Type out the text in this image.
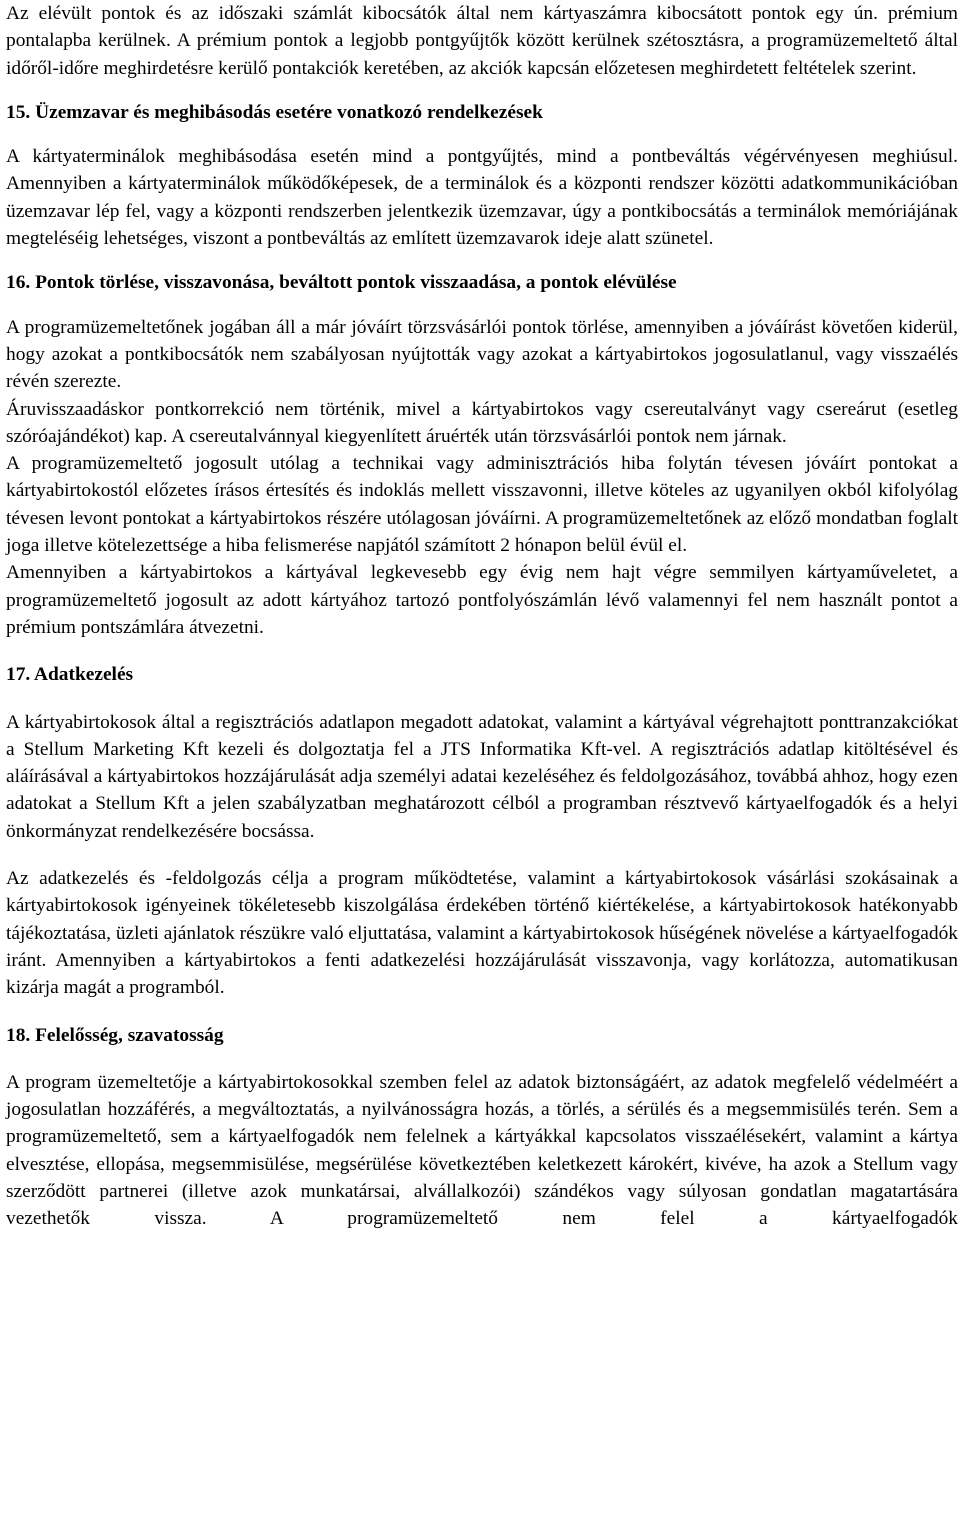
Az elévült pontok és az időszaki számlát kibocsátók által nem kártyaszámra kibocsátott pontok egy ún. prémium pontalapba kerülnek. A prémium pontok a legjobb pontgyűjtők között kerülnek szétosztásra, a programüzemeltető által időről-időre meghirdetésre kerülő pontakciók keretében, az akciók kapcsán előzetesen meghirdetett feltételek szerint.

15. Üzemzavar és meghibásodás esetére vonatkozó rendelkezések

A kártyaterminálok meghibásodása esetén mind a pontgyűjtés, mind a pontbeváltás végérvényesen meghiúsul. Amennyiben a kártyaterminálok működőképesek, de a terminálok és a központi rendszer közötti adatkommunikációban üzemzavar lép fel, vagy a központi rendszerben jelentkezik üzemzavar, úgy a pontkibocsátás a terminálok memóriájának megteléséig lehetséges, viszont a pontbeváltás az említett üzemzavarok ideje alatt szünetel.

16. Pontok törlése, visszavonása, beváltott pontok visszaadása, a pontok elévülése

A programüzemeltetőnek jogában áll a már jóváírt törzsvásárlói pontok törlése, amennyiben a jóváírást követően kiderül, hogy azokat a pontkibocsátók nem szabályosan nyújtották vagy azokat a kártyabirtokos jogosulatlanul, vagy visszaélés révén szerezte.

Áruvisszaadáskor pontkorrekció nem történik, mivel a kártyabirtokos vagy csereutalványt vagy csereárut (esetleg szóróajándékot) kap. A csereutalvánnyal kiegyenlített áruérték után törzsvásárlói pontok nem járnak.

A programüzemeltető jogosult utólag a technikai vagy adminisztrációs hiba folytán tévesen jóváírt pontokat a kártyabirtokostól előzetes írásos értesítés és indoklás mellett visszavonni, illetve köteles az ugyanilyen okból kifolyólag tévesen levont pontokat a kártyabirtokos részére utólagosan jóváírni. A programüzemeltetőnek az előző mondatban foglalt joga illetve kötelezettsége a hiba felismerése napjától számított 2 hónapon belül évül el.

Amennyiben a kártyabirtokos a kártyával legkevesebb egy évig nem hajt végre semmilyen kártyaműveletet, a programüzemeltető jogosult az adott kártyához tartozó pontfolyószámlán lévő valamennyi fel nem használt pontot a prémium pontszámlára átvezetni.

17. Adatkezelés

A kártyabirtokosok által a regisztrációs adatlapon megadott adatokat, valamint a kártyával végrehajtott ponttranzakciókat a Stellum Marketing Kft kezeli és dolgoztatja fel a JTS Informatika Kft-vel. A regisztrációs adatlap kitöltésével és aláírásával a kártyabirtokos hozzájárulását adja személyi adatai kezeléséhez és feldolgozásához, továbbá ahhoz, hogy ezen adatokat a Stellum Kft a jelen szabályzatban meghatározott célból a programban résztvevő kártyaelfogadók és a helyi önkormányzat rendelkezésére bocsássa.

Az adatkezelés és -feldolgozás célja a program működtetése, valamint a kártyabirtokosok vásárlási szokásainak a kártyabirtokosok igényeinek tökéletesebb kiszolgálása érdekében történő kiértékelése, a kártyabirtokosok hatékonyabb tájékoztatása, üzleti ajánlatok részükre való eljuttatása, valamint a kártyabirtokosok hűségének növelése a kártyaelfogadók iránt. Amennyiben a kártyabirtokos a fenti adatkezelési hozzájárulását visszavonja, vagy korlátozza, automatikusan kizárja magát a programból.

18. Felelősség, szavatosság

A program üzemeltetője a kártyabirtokosokkal szemben felel az adatok biztonságáért, az adatok megfelelő védelméért a jogosulatlan hozzáférés, a megváltoztatás, a nyilvánosságra hozás, a törlés, a sérülés és a megsemmisülés terén. Sem a programüzemeltető, sem a kártyaelfogadók nem felelnek a kártyákkal kapcsolatos visszaélésekért, valamint a kártya elvesztése, ellopása, megsemmisülése, megsérülése következtében keletkezett károkért, kivéve, ha azok a Stellum vagy szerződött partnerei (illetve azok munkatársai, alvállalkozói) szándékos vagy súlyosan gondatlan magatartására vezethetők vissza. A programüzemeltető nem felel a kártyaelfogadók
